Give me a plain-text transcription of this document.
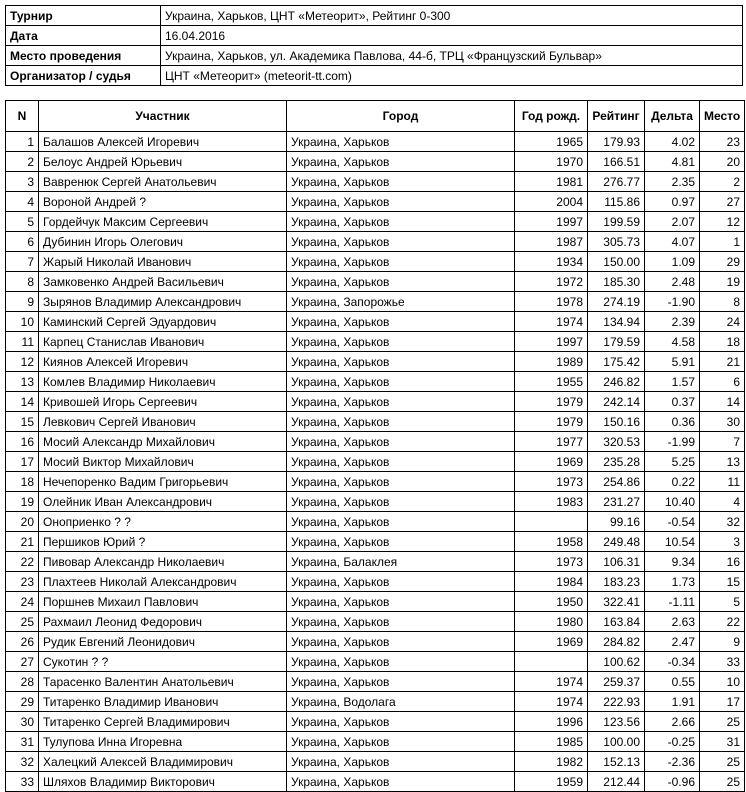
Турнир	Украина, Харьков, ЦНТ «Метеорит», Рейтинг 0-300
Дата	16.04.2016
Место проведения	Украина, Харьков, ул. Академика Павлова, 44-б, ТРЦ «Французский Бульвар»
Организатор / судья	ЦНТ «Метеорит» (meteorit-tt.com)
N	Участник	Город	Год рожд.	Рейтинг	Дельта	Место
1	Балашов Алексей Игоревич	Украина, Харьков	1965	179.93	4.02	23
2	Белоус Андрей Юрьевич	Украина, Харьков	1970	166.51	4.81	20
3	Вавренюк Сергей Анатольевич	Украина, Харьков	1981	276.77	2.35	2
4	Вороной Андрей ?	Украина, Харьков	2004	115.86	0.97	27
5	Гордейчук Максим Сергеевич	Украина, Харьков	1997	199.59	2.07	12
6	Дубинин Игорь Олегович	Украина, Харьков	1987	305.73	4.07	1
7	Жарый Николай Иванович	Украина, Харьков	1934	150.00	1.09	29
8	Замковенко Андрей Васильевич	Украина, Харьков	1972	185.30	2.48	19
9	Зырянов Владимир Александрович	Украина, Запорожье	1978	274.19	-1.90	8
10	Каминский Сергей Эдуардович	Украина, Харьков	1974	134.94	2.39	24
11	Карпец Станислав Иванович	Украина, Харьков	1997	179.59	4.58	18
12	Киянов Алексей Игоревич	Украина, Харьков	1989	175.42	5.91	21
13	Комлев Владимир Николаевич	Украина, Харьков	1955	246.82	1.57	6
14	Кривошей Игорь Сергеевич	Украина, Харьков	1979	242.14	0.37	14
15	Левкович Сергей Иванович	Украина, Харьков	1979	150.16	0.36	30
16	Мосий Александр Михайлович	Украина, Харьков	1977	320.53	-1.99	7
17	Мосий Виктор Михайлович	Украина, Харьков	1969	235.28	5.25	13
18	Нечепоренко Вадим Григорьевич	Украина, Харьков	1973	254.86	0.22	11
19	Олейник Иван Александрович	Украина, Харьков	1983	231.27	10.40	4
20	Оноприенко ? ?	Украина, Харьков		99.16	-0.54	32
21	Першиков Юрий ?	Украина, Харьков	1958	249.48	10.54	3
22	Пивовар Александр Николаевич	Украина, Балаклея	1973	106.31	9.34	16
23	Плахтеев Николай Александрович	Украина, Харьков	1984	183.23	1.73	15
24	Поршнев Михаил Павлович	Украина, Харьков	1950	322.41	-1.11	5
25	Рахмаил Леонид Федорович	Украина, Харьков	1980	163.84	2.63	22
26	Рудик Евгений Леонидович	Украина, Харьков	1969	284.82	2.47	9
27	Сукотин ? ?	Украина, Харьков		100.62	-0.34	33
28	Тарасенко Валентин Анатольевич	Украина, Харьков	1974	259.37	0.55	10
29	Титаренко Владимир Иванович	Украина, Водолага	1974	222.93	1.91	17
30	Титаренко Сергей Владимирович	Украина, Харьков	1996	123.56	2.66	25
31	Тулупова Инна Игоревна	Украина, Харьков	1985	100.00	-0.25	31
32	Халецкий Алексей Владимирович	Украина, Харьков	1982	152.13	-2.36	25
33	Шляхов Владимир Викторович	Украина, Харьков	1959	212.44	-0.96	25
